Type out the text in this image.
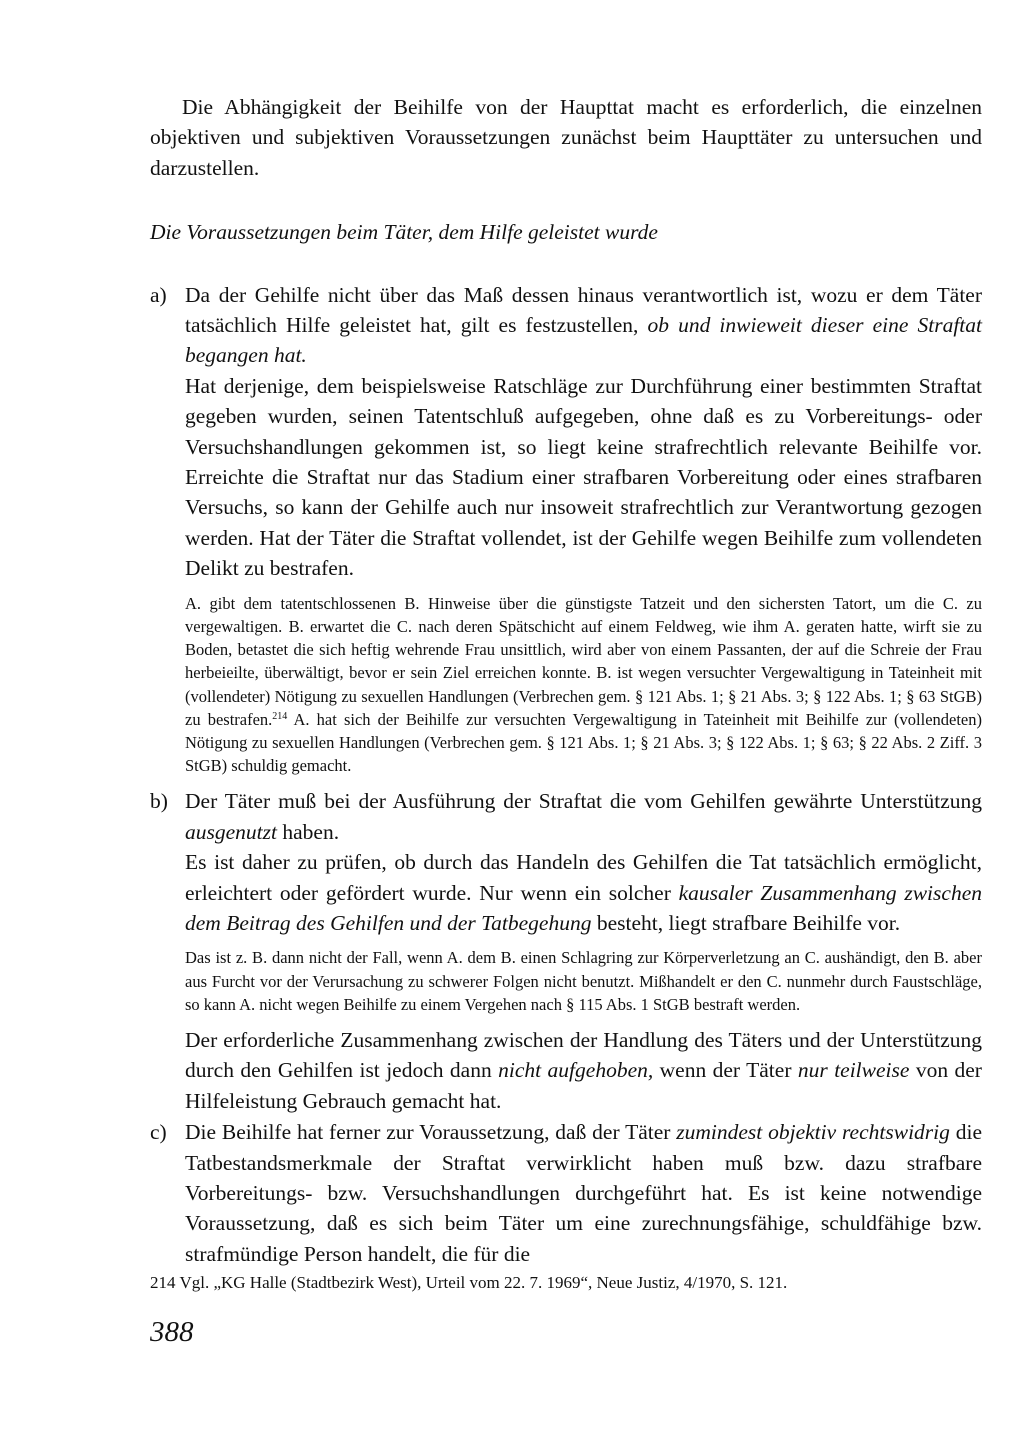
Die Abhängigkeit der Beihilfe von der Haupttat macht es erforderlich, die einzelnen objektiven und subjektiven Voraussetzungen zunächst beim Haupttäter zu untersuchen und darzustellen.

Die Voraussetzungen beim Täter, dem Hilfe geleistet wurde

a) Da der Gehilfe nicht über das Maß dessen hinaus verantwortlich ist, wozu er dem Täter tatsächlich Hilfe geleistet hat, gilt es festzustellen, ob und inwieweit dieser eine Straftat begangen hat.

Hat derjenige, dem beispielsweise Ratschläge zur Durchführung einer bestimmten Straftat gegeben wurden, seinen Tatentschluß aufgegeben, ohne daß es zu Vorbereitungs- oder Versuchshandlungen gekommen ist, so liegt keine strafrechtlich relevante Beihilfe vor. Erreichte die Straftat nur das Stadium einer strafbaren Vorbereitung oder eines strafbaren Versuchs, so kann der Gehilfe auch nur insoweit strafrechtlich zur Verantwortung gezogen werden. Hat der Täter die Straftat vollendet, ist der Gehilfe wegen Beihilfe zum vollendeten Delikt zu bestrafen.

A. gibt dem tatentschlossenen B. Hinweise über die günstigste Tatzeit und den sichersten Tatort, um die C. zu vergewaltigen. B. erwartet die C. nach deren Spätschicht auf einem Feldweg, wie ihm A. geraten hatte, wirft sie zu Boden, betastet die sich heftig wehrende Frau unsittlich, wird aber von einem Passanten, der auf die Schreie der Frau herbeieilte, überwältigt, bevor er sein Ziel erreichen konnte. B. ist wegen versuchter Vergewaltigung in Tateinheit mit (vollendeter) Nötigung zu sexuellen Handlungen (Verbrechen gem. § 121 Abs. 1; § 21 Abs. 3; § 122 Abs. 1; § 63 StGB) zu bestrafen.$^{214}$ A. hat sich der Beihilfe zur versuchten Vergewaltigung in Tateinheit mit Beihilfe zur (vollendeten) Nötigung zu sexuellen Handlungen (Verbrechen gem. § 121 Abs. 1; § 21 Abs. 3; § 122 Abs. 1; § 63; § 22 Abs. 2 Ziff. 3 StGB) schuldig gemacht.

b) Der Täter muß bei der Ausführung der Straftat die vom Gehilfen gewährte Unterstützung ausgenutzt haben.

Es ist daher zu prüfen, ob durch das Handeln des Gehilfen die Tat tatsächlich ermöglicht, erleichtert oder gefördert wurde. Nur wenn ein solcher kausaler Zusammenhang zwischen dem Beitrag des Gehilfen und der Tatbegehung besteht, liegt strafbare Beihilfe vor.

Das ist z. B. dann nicht der Fall, wenn A. dem B. einen Schlagring zur Körperverletzung an C. aushändigt, den B. aber aus Furcht vor der Verursachung zu schwerer Folgen nicht benutzt. Mißhandelt er den C. nunmehr durch Faustschläge, so kann A. nicht wegen Beihilfe zu einem Vergehen nach § 115 Abs. 1 StGB bestraft werden.

Der erforderliche Zusammenhang zwischen der Handlung des Täters und der Unterstützung durch den Gehilfen ist jedoch dann nicht aufgehoben, wenn der Täter nur teilweise von der Hilfeleistung Gebrauch gemacht hat.

c) Die Beihilfe hat ferner zur Voraussetzung, daß der Täter zumindest objektiv rechtswidrig die Tatbestandsmerkmale der Straftat verwirklicht haben muß bzw. dazu strafbare Vorbereitungs- bzw. Versuchshandlungen durchgeführt hat. Es ist keine notwendige Voraussetzung, daß es sich beim Täter um eine zurechnungsfähige, schuldfähige bzw. strafmündige Person handelt, die für die

214 Vgl. „KG Halle (Stadtbezirk West), Urteil vom 22. 7. 1969“, Neue Justiz, 4/1970, S. 121.
388
